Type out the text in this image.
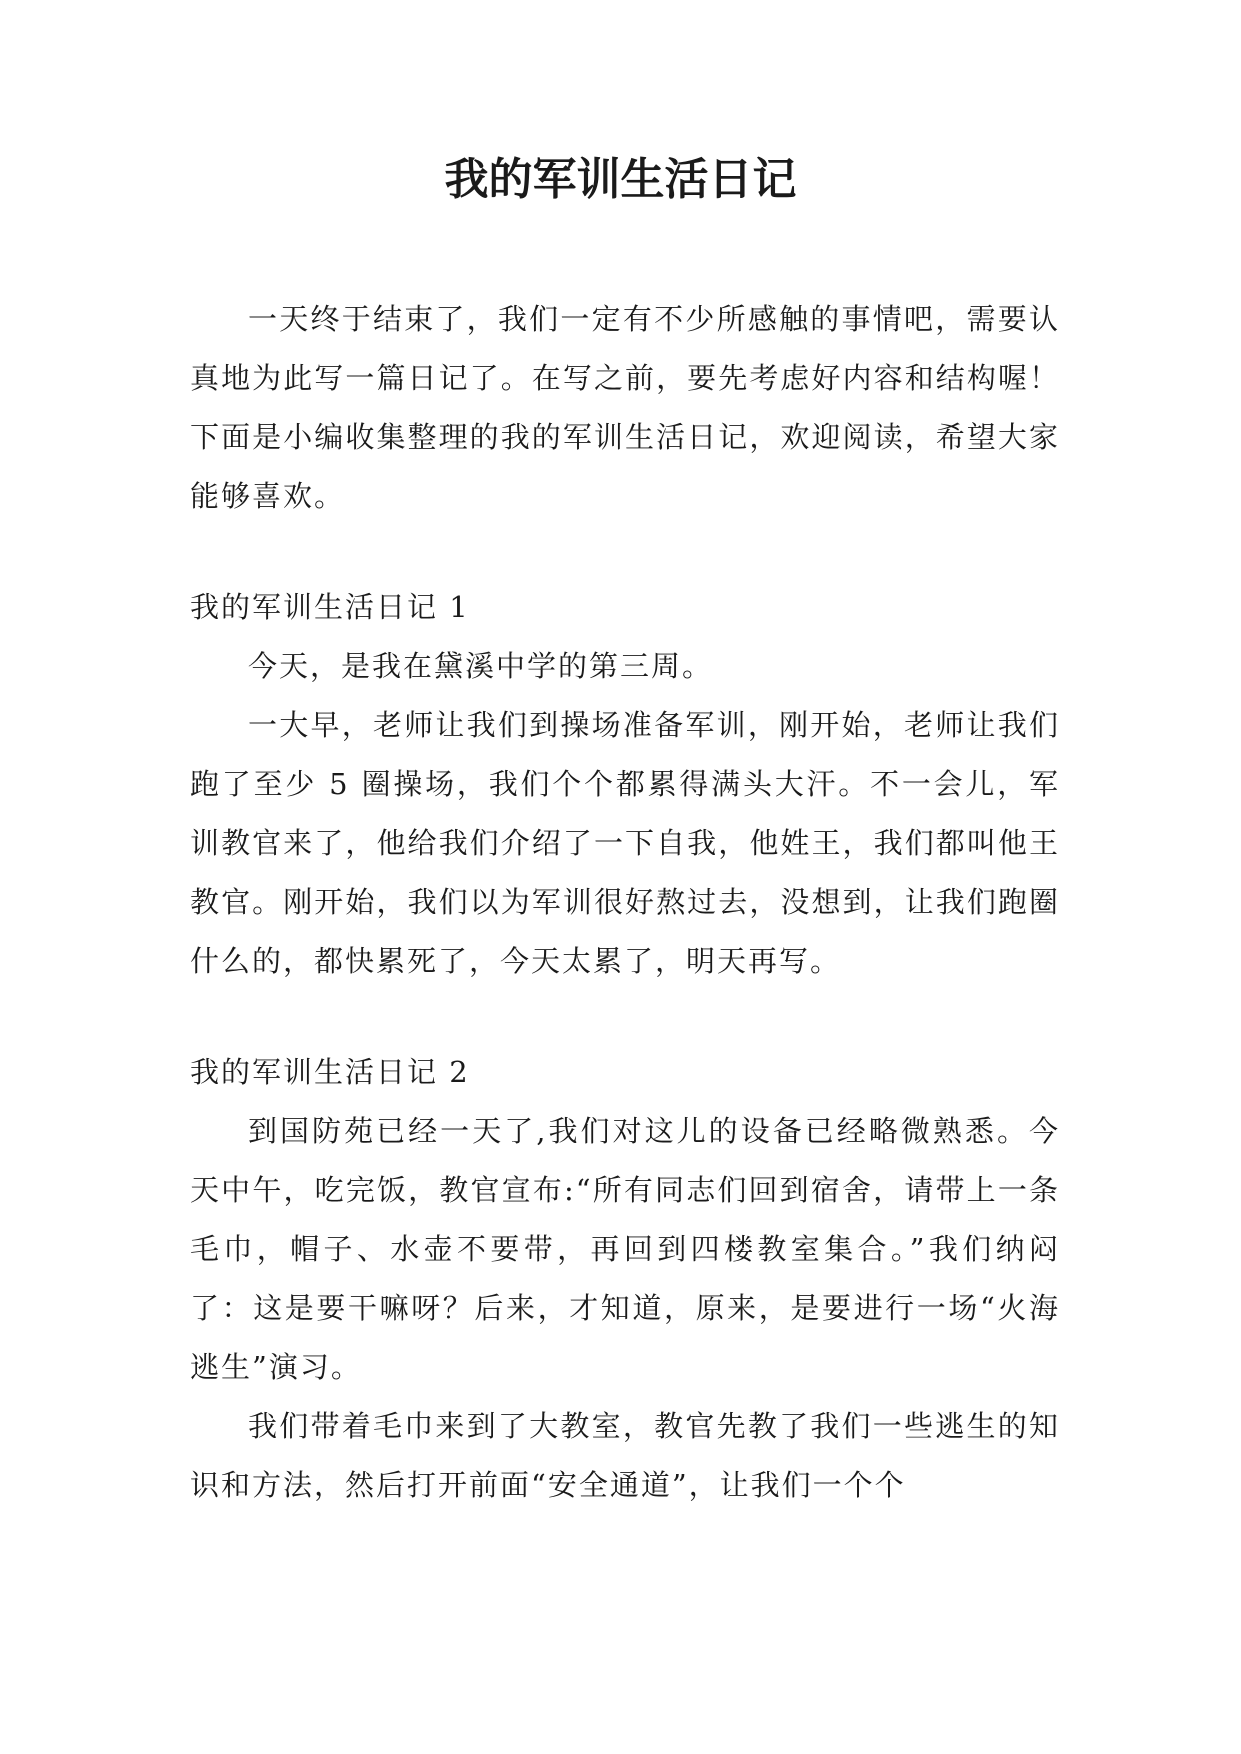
我的军训生活日记

一天终于结束了，我们一定有不少所感触的事情吧，需要认真地为此写一篇日记了。在写之前，要先考虑好内容和结构喔！下面是小编收集整理的我的军训生活日记，欢迎阅读，希望大家能够喜欢。

我的军训生活日记 1

今天，是我在黛溪中学的第三周。

一大早，老师让我们到操场准备军训，刚开始，老师让我们跑了至少 5 圈操场，我们个个都累得满头大汗。不一会儿，军训教官来了，他给我们介绍了一下自我，他姓王，我们都叫他王教官。刚开始，我们以为军训很好熬过去，没想到，让我们跑圈什么的，都快累死了，今天太累了，明天再写。

我的军训生活日记 2

到国防苑已经一天了,我们对这儿的设备已经略微熟悉。今天中午，吃完饭，教官宣布:“所有同志们回到宿舍，请带上一条毛巾，帽子、水壶不要带，再回到四楼教室集合。”我们纳闷了：这是要干嘛呀？后来，才知道，原来，是要进行一场“火海逃生”演习。

我们带着毛巾来到了大教室，教官先教了我们一些逃生的知识和方法，然后打开前面“安全通道”，让我们一个个
